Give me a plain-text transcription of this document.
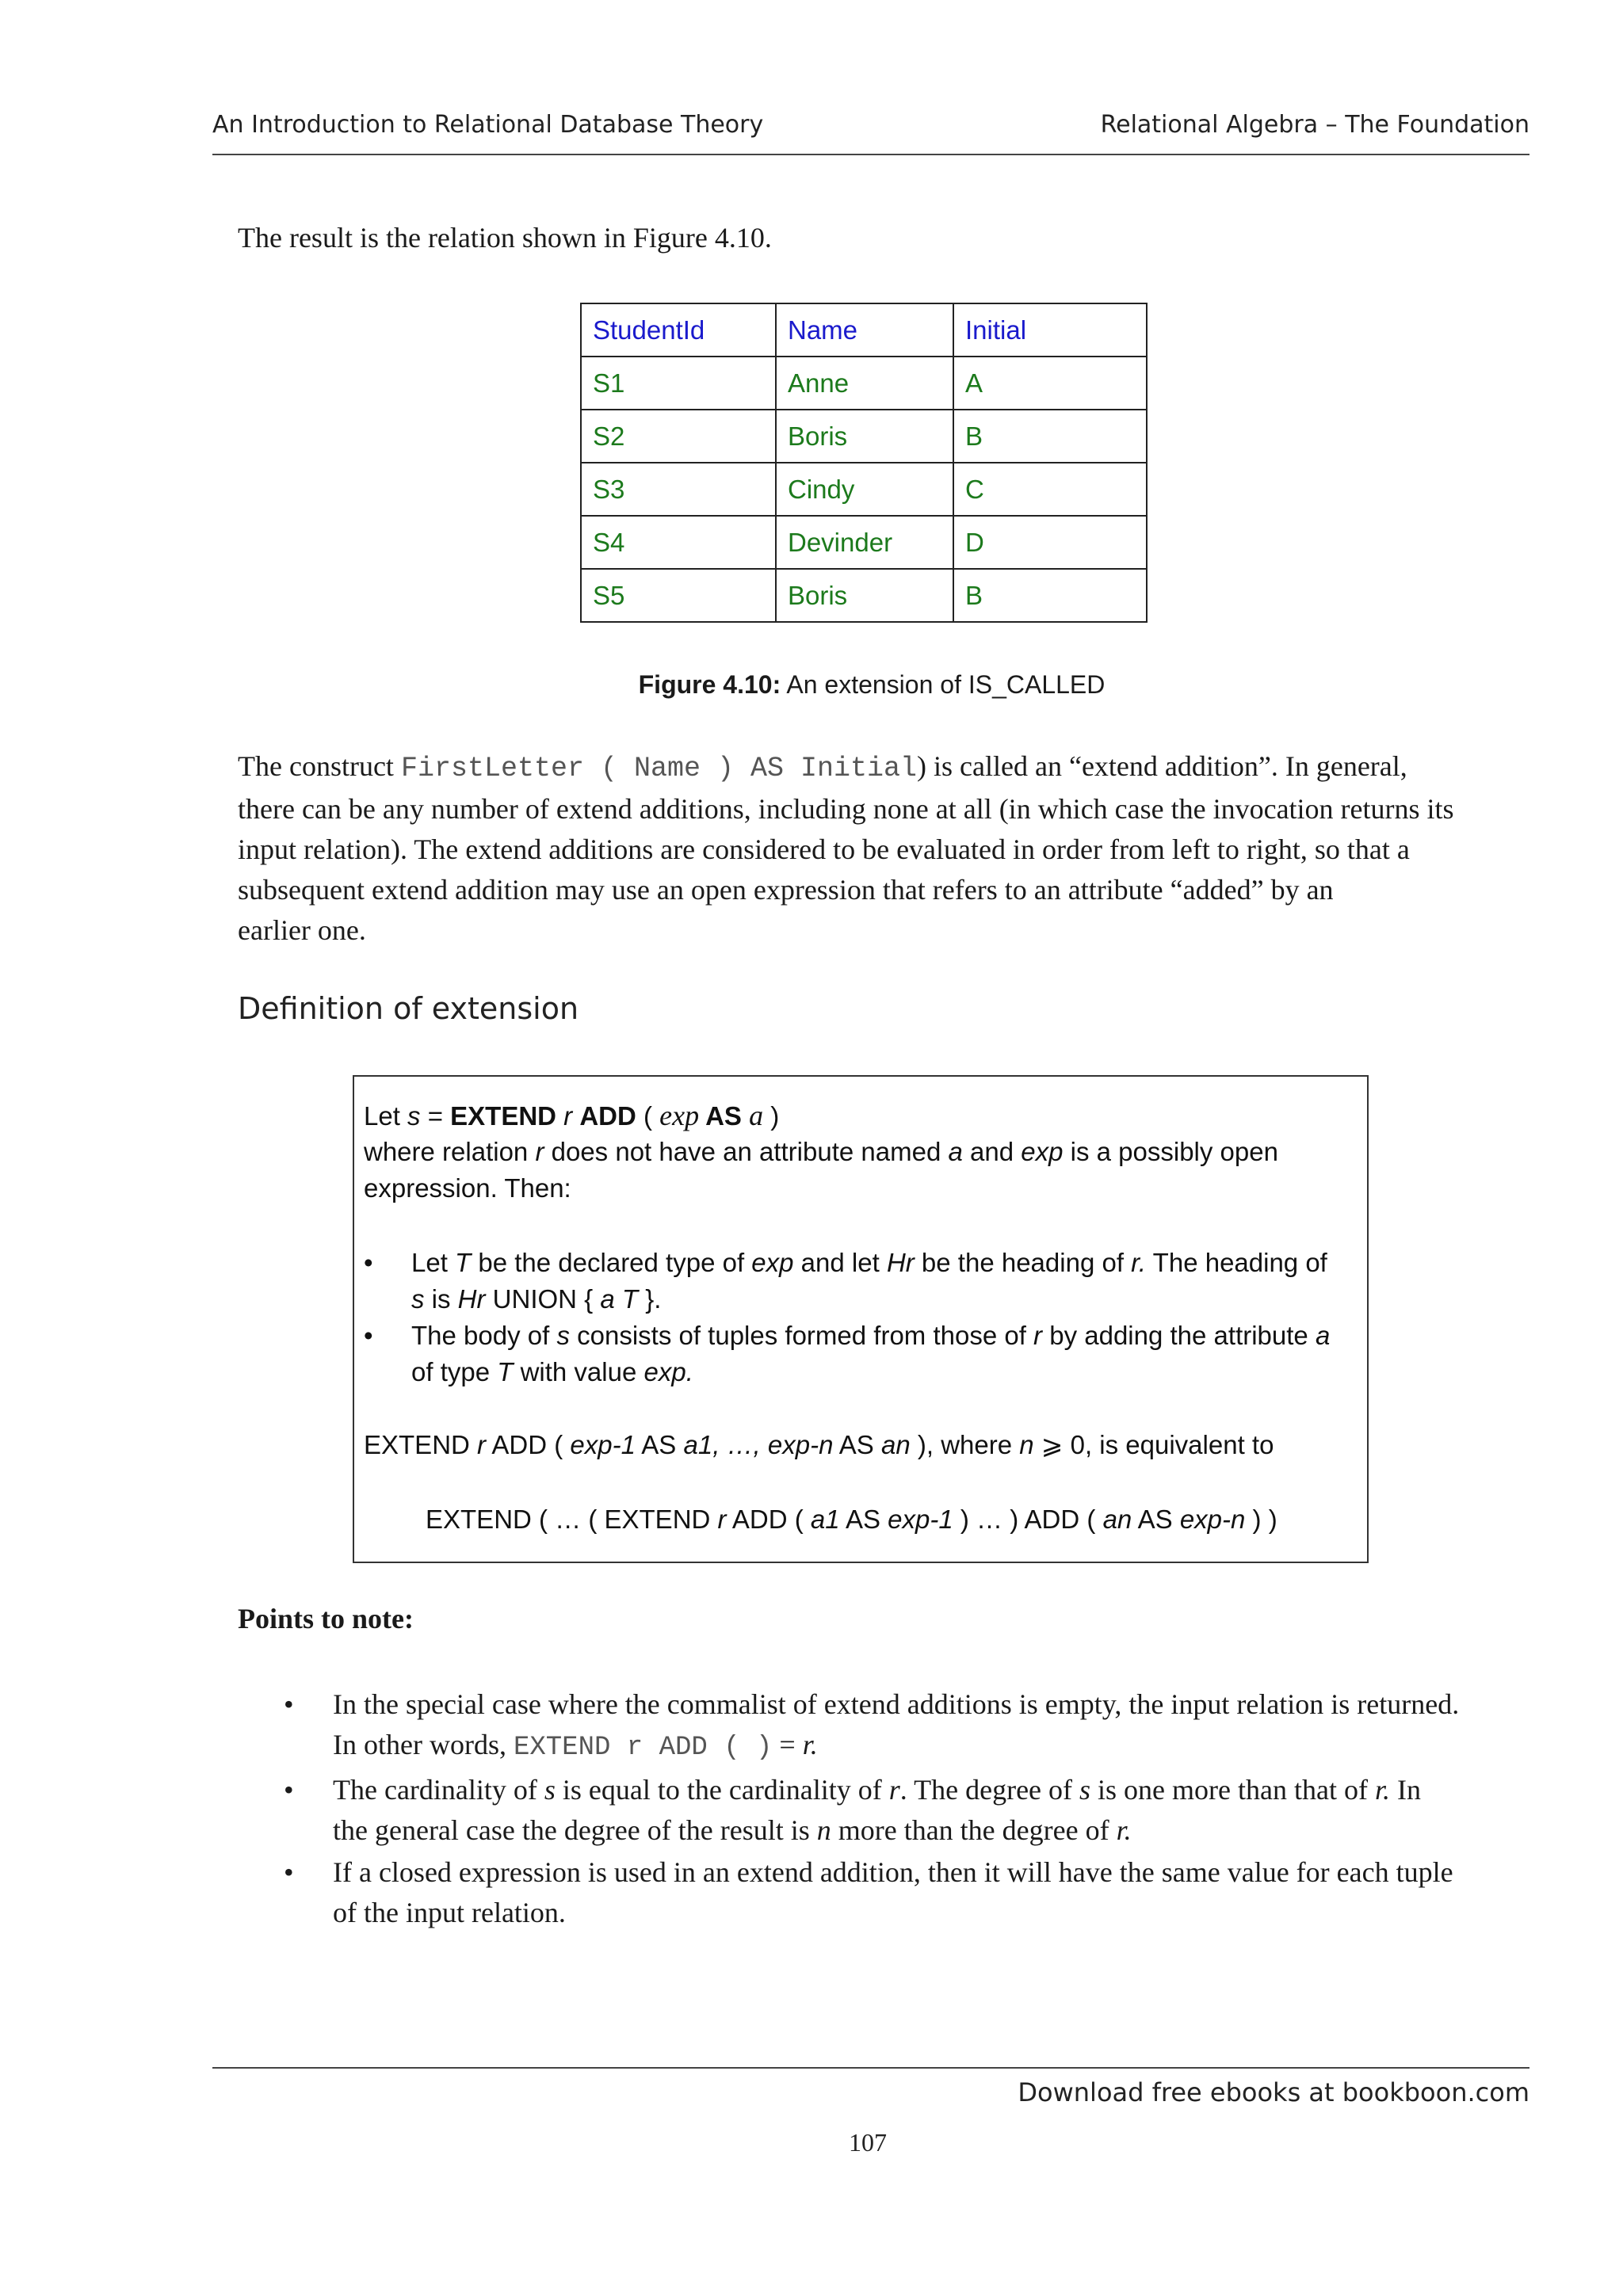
An Introduction to Relational Database Theory	Relational Algebra – The Foundation
The result is the relation shown in Figure 4.10.
StudentId	Name	Initial
S1	Anne	A
S2	Boris	B
S3	Cindy	C
S4	Devinder	D
S5	Boris	B
Figure 4.10: An extension of IS_CALLED
The construct FirstLetter ( Name ) AS Initial) is called an “extend addition”. In general,
there can be any number of extend additions, including none at all (in which case the invocation returns its
input relation). The extend additions are considered to be evaluated in order from left to right, so that a
subsequent extend addition may use an open expression that refers to an attribute “added” by an
earlier one.
Definition of extension
Let s = EXTEND r ADD ( exp AS a )
where relation r does not have an attribute named a and exp is a possibly open
expression. Then:
• Let T be the declared type of exp and let Hr be the heading of r. The heading of
s is Hr UNION { a T }.
• The body of s consists of tuples formed from those of r by adding the attribute a
of type T with value exp.
EXTEND r ADD ( exp-1 AS a1, …, exp-n AS an ), where n ⩾ 0, is equivalent to
EXTEND ( … ( EXTEND r ADD ( a1 AS exp-1 ) … ) ADD ( an AS exp-n ) )
Points to note:
• In the special case where the commalist of extend additions is empty, the input relation is returned.
In other words, EXTEND r ADD ( ) = r.
• The cardinality of s is equal to the cardinality of r. The degree of s is one more than that of r. In
the general case the degree of the result is n more than the degree of r.
• If a closed expression is used in an extend addition, then it will have the same value for each tuple
of the input relation.
Download free ebooks at bookboon.com
107
